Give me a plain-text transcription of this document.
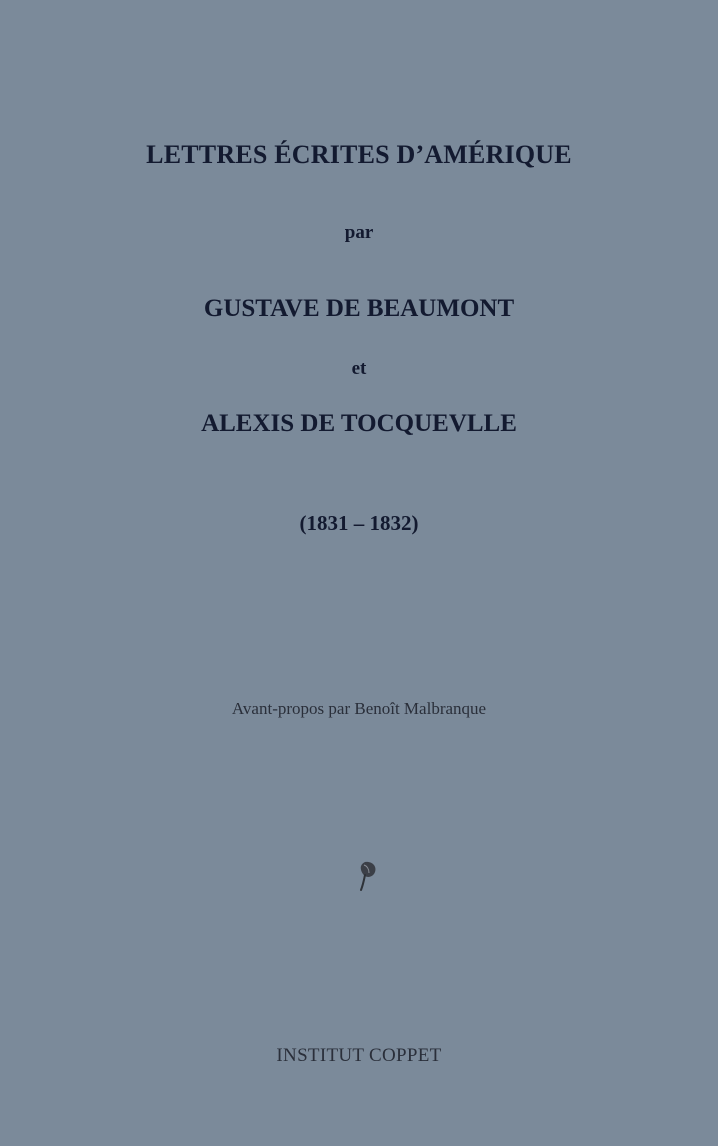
LETTRES ÉCRITES D’AMÉRIQUE
par
GUSTAVE DE BEAUMONT
et
ALEXIS DE TOCQUEVLLE
(1831 – 1832)
Avant-propos par Benoît Malbranque
INSTITUT COPPET
